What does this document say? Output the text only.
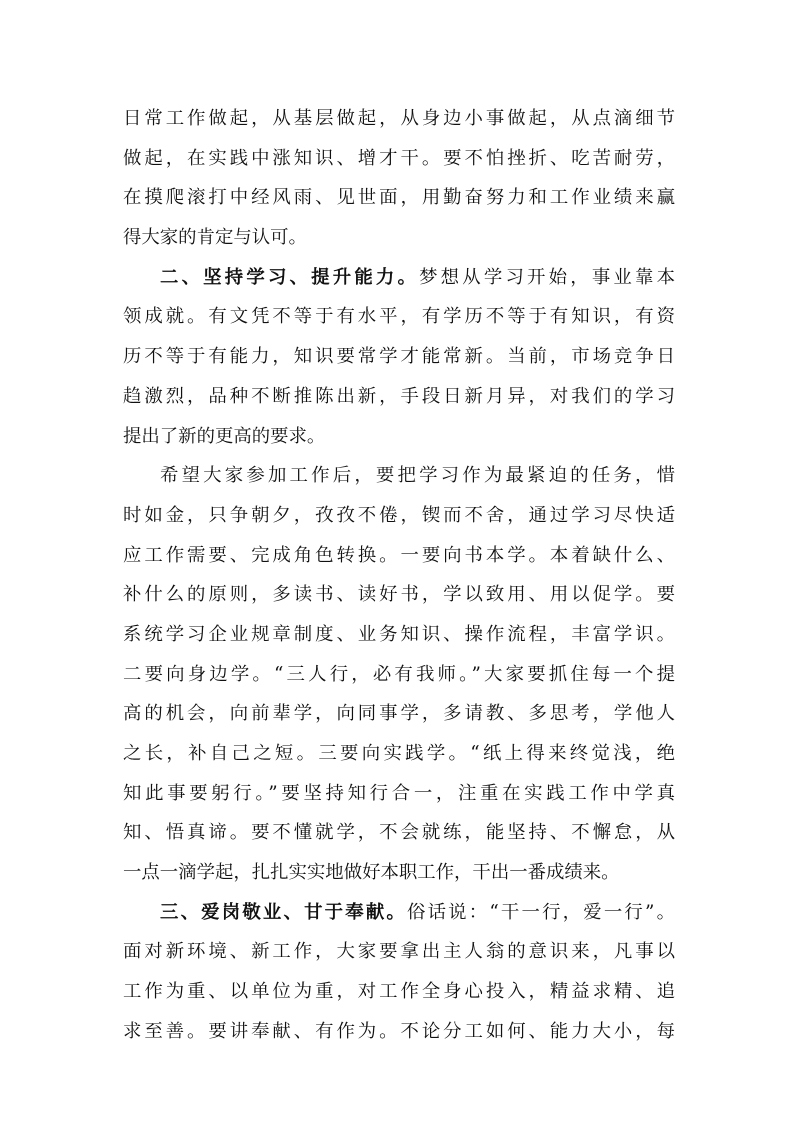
日常工作做起，从基层做起，从身边小事做起，从点滴细节
做起，在实践中涨知识、增才干。要不怕挫折、吃苦耐劳，
在摸爬滚打中经风雨、见世面，用勤奋努力和工作业绩来赢
得大家的肯定与认可。
二、坚持学习、提升能力。梦想从学习开始，事业靠本
领成就。有文凭不等于有水平，有学历不等于有知识，有资
历不等于有能力，知识要常学才能常新。当前，市场竞争日
趋激烈，品种不断推陈出新，手段日新月异，对我们的学习
提出了新的更高的要求。
希望大家参加工作后，要把学习作为最紧迫的任务，惜
时如金，只争朝夕，孜孜不倦，锲而不舍，通过学习尽快适
应工作需要、完成角色转换。一要向书本学。本着缺什么、
补什么的原则，多读书、读好书，学以致用、用以促学。要
系统学习企业规章制度、业务知识、操作流程，丰富学识。
二要向身边学。“三人行，必有我师。”大家要抓住每一个提
高的机会，向前辈学，向同事学，多请教、多思考，学他人
之长，补自己之短。三要向实践学。“纸上得来终觉浅，绝
知此事要躬行。”要坚持知行合一，注重在实践工作中学真
知、悟真谛。要不懂就学，不会就练，能坚持、不懈怠，从
一点一滴学起，扎扎实实地做好本职工作，干出一番成绩来。
三、爱岗敬业、甘于奉献。俗话说：“干一行，爱一行”。
面对新环境、新工作，大家要拿出主人翁的意识来，凡事以
工作为重、以单位为重，对工作全身心投入，精益求精、追
求至善。要讲奉献、有作为。不论分工如何、能力大小，每
